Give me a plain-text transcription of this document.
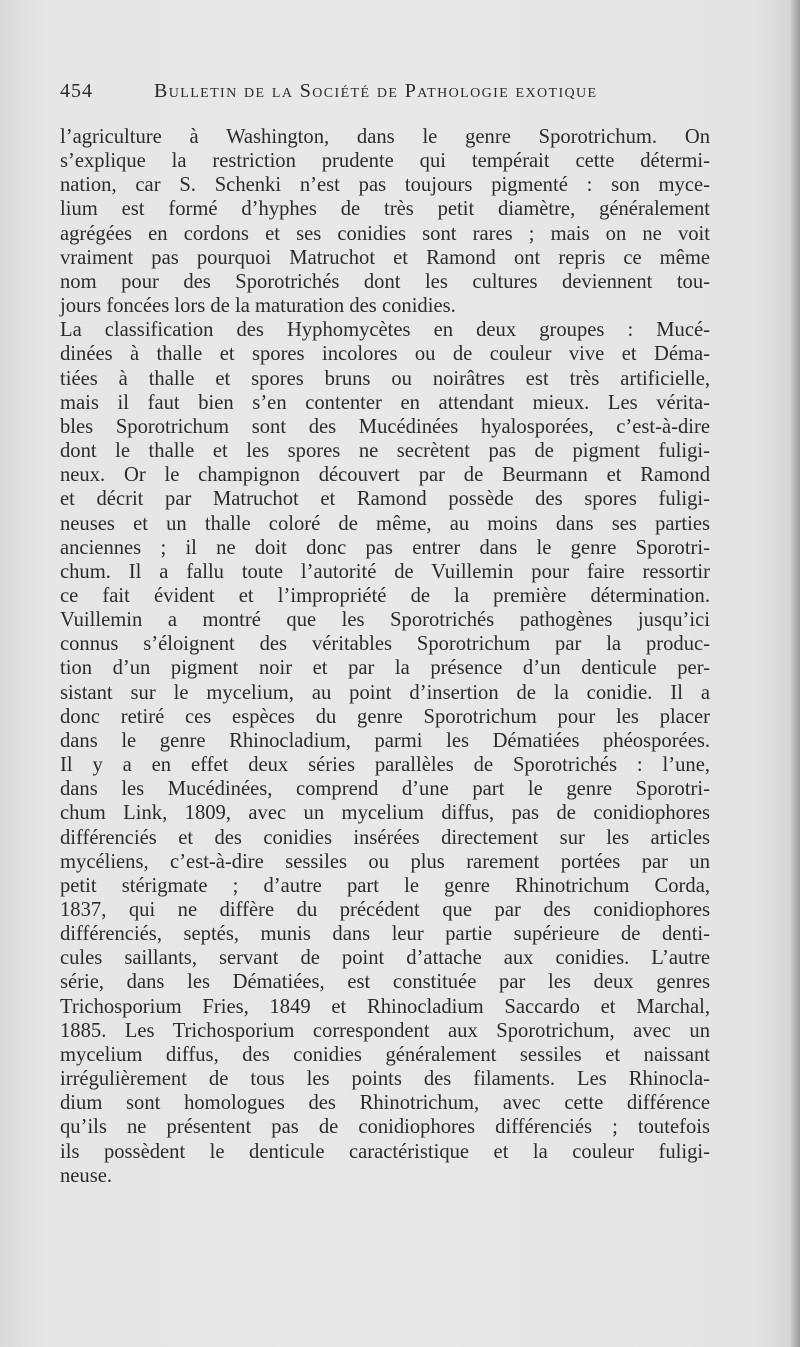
454	Bulletin de la Société de Pathologie exotique
l’agriculture à Washington, dans le genre Sporotrichum. On
s’explique la restriction prudente qui tempérait cette détermi-
nation, car S. Schenki n’est pas toujours pigmenté : son myce-
lium est formé d’hyphes de très petit diamètre, généralement
agrégées en cordons et ses conidies sont rares ; mais on ne voit
vraiment pas pourquoi Matruchot et Ramond ont repris ce même
nom pour des Sporotrichés dont les cultures deviennent tou-
jours foncées lors de la maturation des conidies.
La classification des Hyphomycètes en deux groupes : Mucé-
dinées à thalle et spores incolores ou de couleur vive et Déma-
tiées à thalle et spores bruns ou noirâtres est très artificielle,
mais il faut bien s’en contenter en attendant mieux. Les vérita-
bles Sporotrichum sont des Mucédinées hyalosporées, c’est-à-dire
dont le thalle et les spores ne secrètent pas de pigment fuligi-
neux. Or le champignon découvert par de Beurmann et Ramond
et décrit par Matruchot et Ramond possède des spores fuligi-
neuses et un thalle coloré de même, au moins dans ses parties
anciennes ; il ne doit donc pas entrer dans le genre Sporotri-
chum. Il a fallu toute l’autorité de Vuillemin pour faire ressortir
ce fait évident et l’impropriété de la première détermination.
Vuillemin a montré que les Sporotrichés pathogènes jusqu’ici
connus s’éloignent des véritables Sporotrichum par la produc-
tion d’un pigment noir et par la présence d’un denticule per-
sistant sur le mycelium, au point d’insertion de la conidie. Il a
donc retiré ces espèces du genre Sporotrichum pour les placer
dans le genre Rhinocladium, parmi les Dématiées phéosporées.
Il y a en effet deux séries parallèles de Sporotrichés : l’une,
dans les Mucédinées, comprend d’une part le genre Sporotri-
chum Link, 1809, avec un mycelium diffus, pas de conidiophores
différenciés et des conidies insérées directement sur les articles
mycéliens, c’est-à-dire sessiles ou plus rarement portées par un
petit stérigmate ; d’autre part le genre Rhinotrichum Corda,
1837, qui ne diffère du précédent que par des conidiophores
différenciés, septés, munis dans leur partie supérieure de denti-
cules saillants, servant de point d’attache aux conidies. L’autre
série, dans les Dématiées, est constituée par les deux genres
Trichosporium Fries, 1849 et Rhinocladium Saccardo et Marchal,
1885. Les Trichosporium correspondent aux Sporotrichum, avec un
mycelium diffus, des conidies généralement sessiles et naissant
irrégulièrement de tous les points des filaments. Les Rhinocla-
dium sont homologues des Rhinotrichum, avec cette différence
qu’ils ne présentent pas de conidiophores différenciés ; toutefois
ils possèdent le denticule caractéristique et la couleur fuligi-
neuse.
